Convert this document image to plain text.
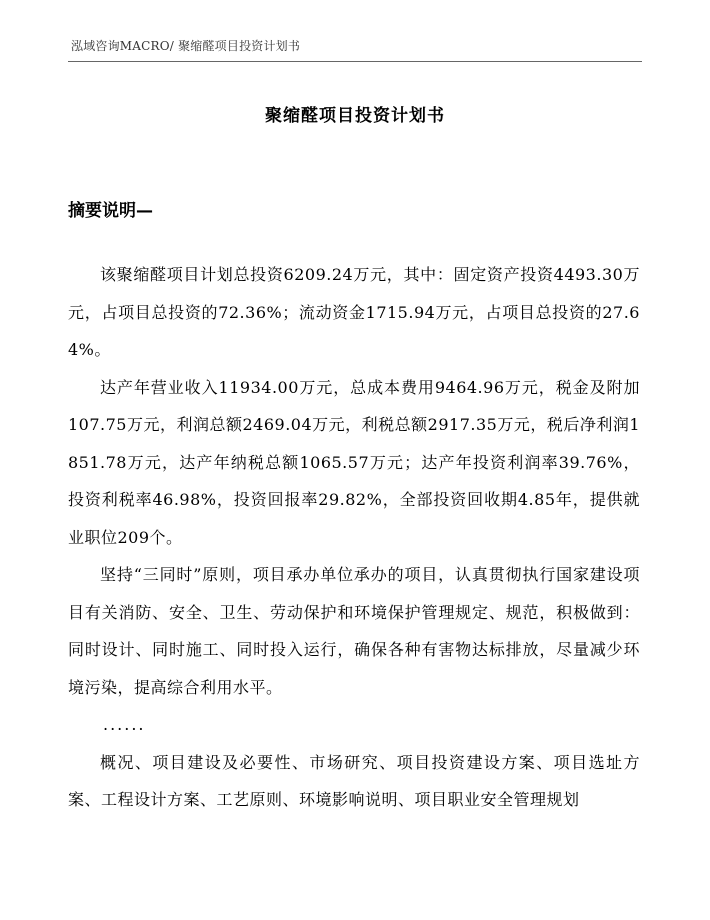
泓域咨询MACRO/ 聚缩醛项目投资计划书
聚缩醛项目投资计划书
摘要说明—

该聚缩醛项目计划总投资6209.24万元，其中：固定资产投资4493.30万元，占项目总投资的72.36%；流动资金1715.94万元，占项目总投资的27.64%。

达产年营业收入11934.00万元，总成本费用9464.96万元，税金及附加107.75万元，利润总额2469.04万元，利税总额2917.35万元，税后净利润1851.78万元，达产年纳税总额1065.57万元；达产年投资利润率39.76%，投资利税率46.98%，投资回报率29.82%，全部投资回收期4.85年，提供就业职位209个。

坚持“三同时”原则，项目承办单位承办的项目，认真贯彻执行国家建设项目有关消防、安全、卫生、劳动保护和环境保护管理规定、规范，积极做到：同时设计、同时施工、同时投入运行，确保各种有害物达标排放，尽量减少环境污染，提高综合利用水平。

......

概况、项目建设及必要性、市场研究、项目投资建设方案、项目选址方案、工程设计方案、工艺原则、环境影响说明、项目职业安全管理规划
